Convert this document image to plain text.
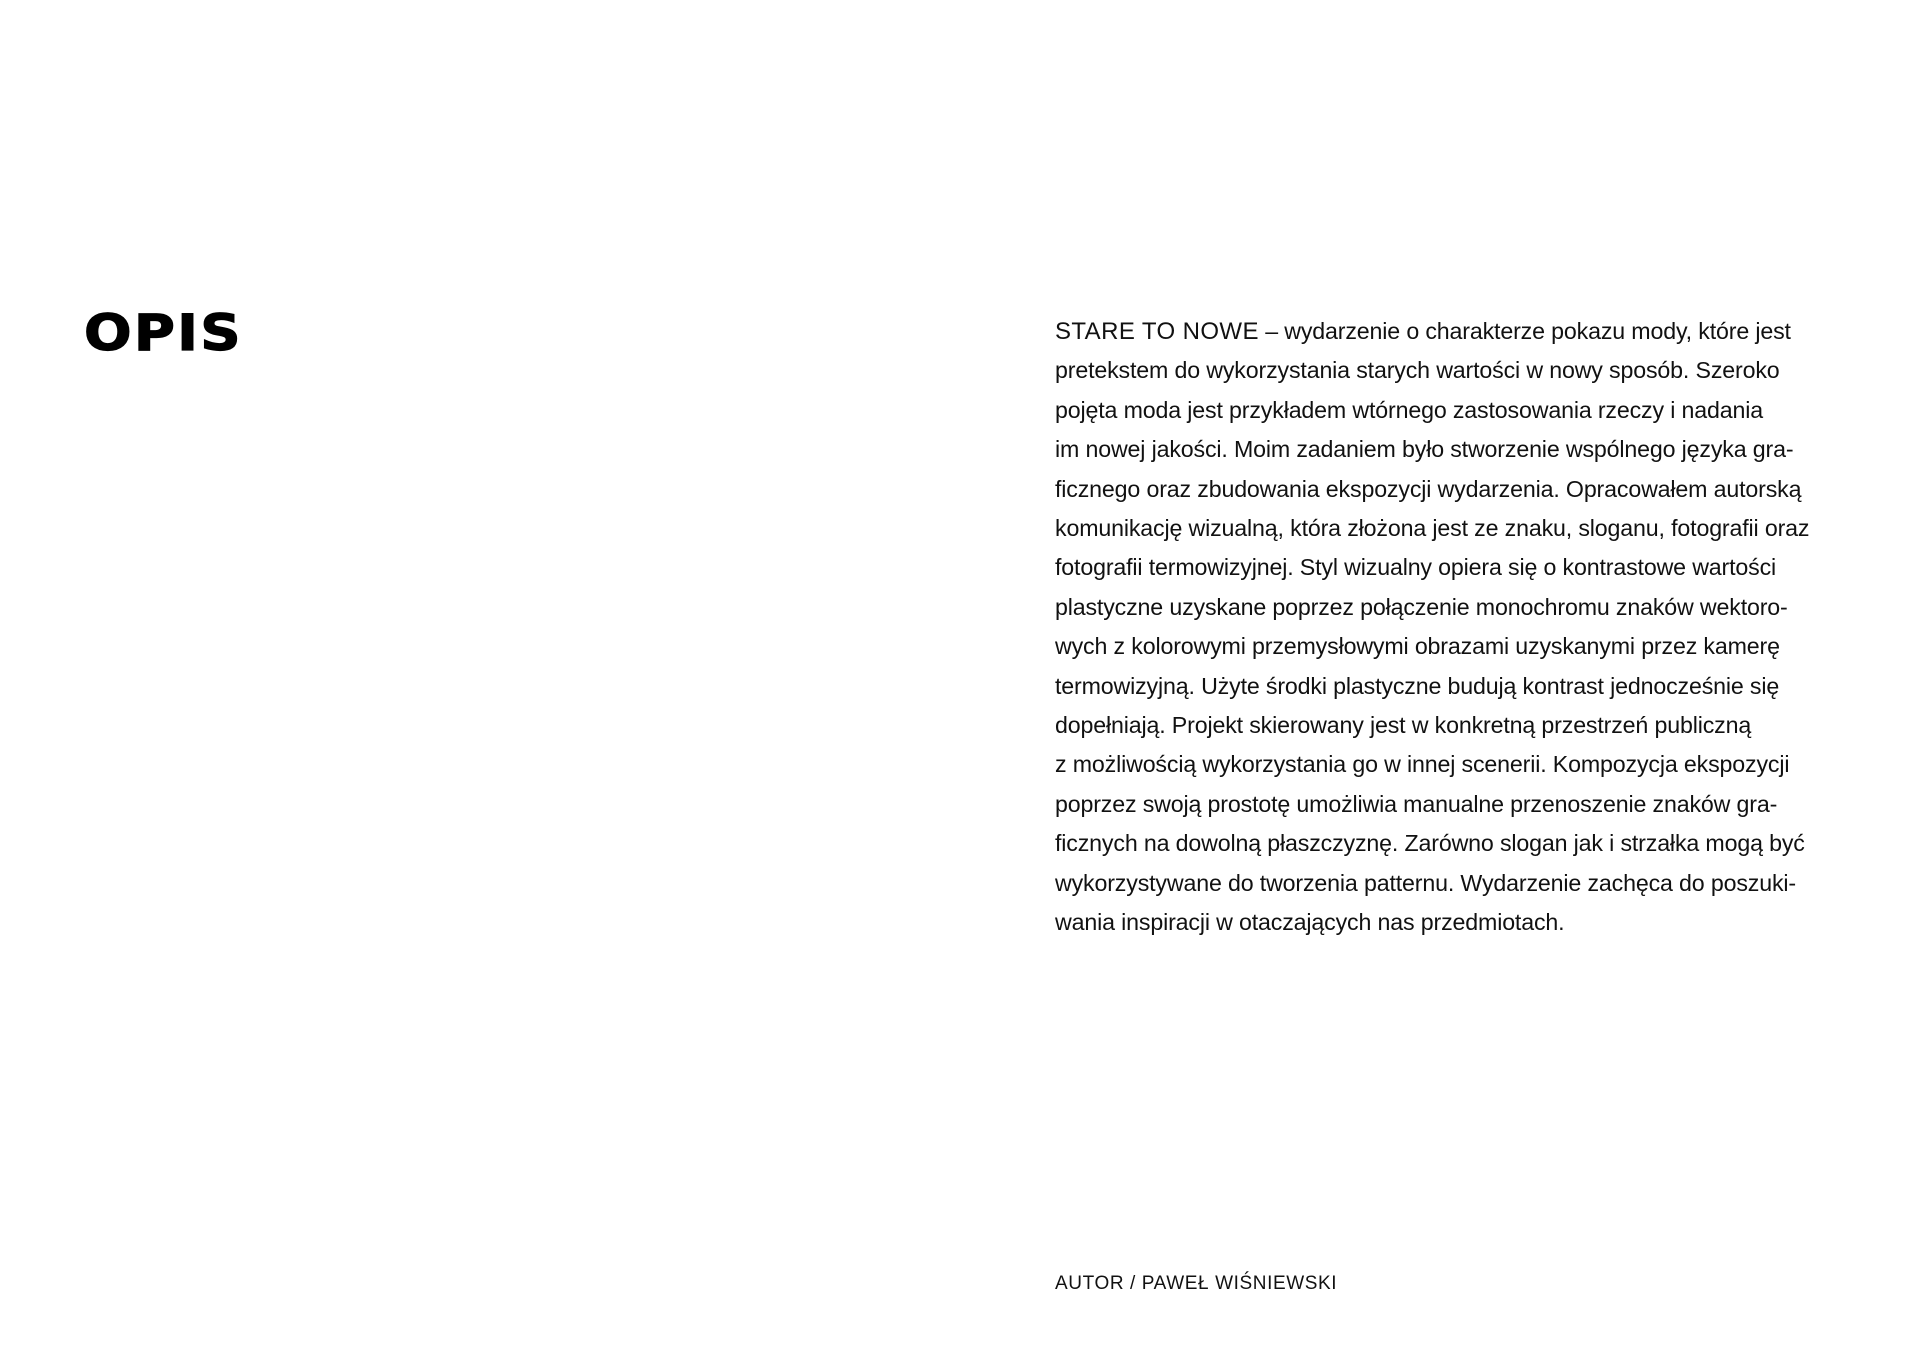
OPIS	STARE TO NOWE – wydarzenie o charakterze pokazu mody, które jest
pretekstem do wykorzystania starych wartości w nowy sposób. Szeroko
pojęta moda jest przykładem wtórnego zastosowania rzeczy i nadania
im nowej jakości. Moim zadaniem było stworzenie wspólnego języka gra-
ficznego oraz zbudowania ekspozycji wydarzenia. Opracowałem autorską
komunikację wizualną, która złożona jest ze znaku, sloganu, fotografii oraz
fotografii termowizyjnej. Styl wizualny opiera się o kontrastowe wartości
plastyczne uzyskane poprzez połączenie monochromu znaków wektoro-
wych z kolorowymi przemysłowymi obrazami uzyskanymi przez kamerę
termowizyjną. Użyte środki plastyczne budują kontrast jednocześnie się
dopełniają. Projekt skierowany jest w konkretną przestrzeń publiczną
z możliwością wykorzystania go w innej scenerii. Kompozycja ekspozycji
poprzez swoją prostotę umożliwia manualne przenoszenie znaków gra-
ficznych na dowolną płaszczyznę. Zarówno slogan jak i strzałka mogą być
wykorzystywane do tworzenia patternu. Wydarzenie zachęca do poszuki-
wania inspiracji w otaczających nas przedmiotach.
AUTOR / PAWEŁ WIŚNIEWSKI
